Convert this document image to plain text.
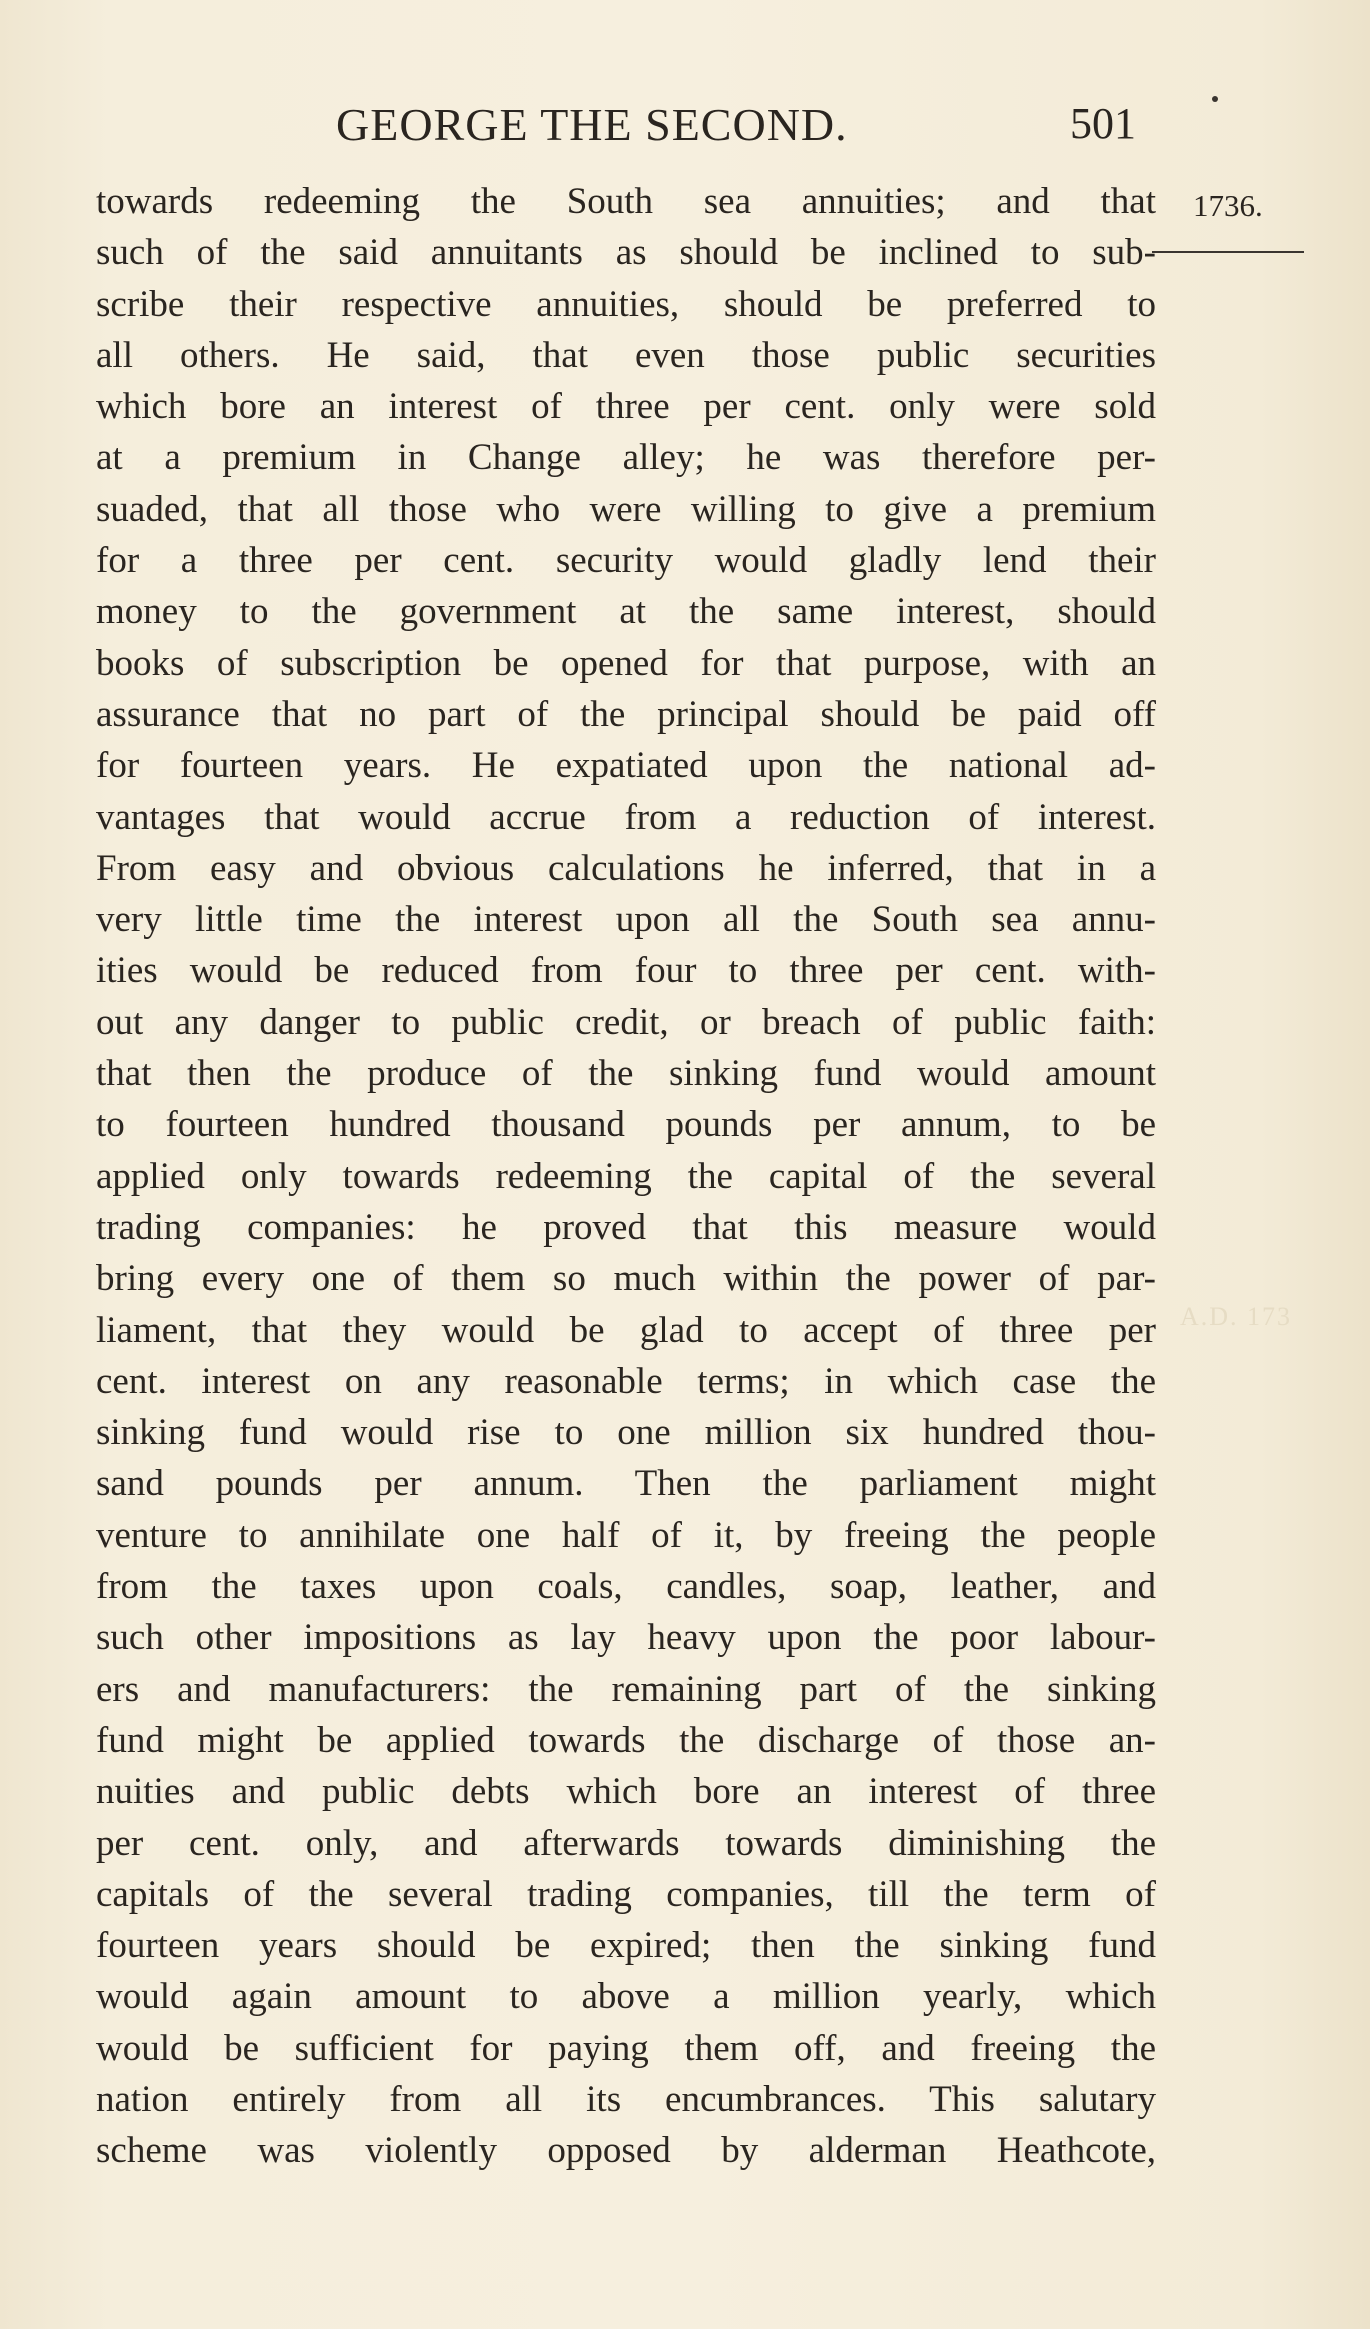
GEORGE THE SECOND.	501
1736.
A.D. 173
towards redeeming the South sea annuities; and that
such of the said annuitants as should be inclined to sub-
scribe their respective annuities, should be preferred to
all others. He said, that even those public securities
which bore an interest of three per cent. only were sold
at a premium in Change alley; he was therefore per-
suaded, that all those who were willing to give a premium
for a three per cent. security would gladly lend their
money to the government at the same interest, should
books of subscription be opened for that purpose, with an
assurance that no part of the principal should be paid off
for fourteen years. He expatiated upon the national ad-
vantages that would accrue from a reduction of interest.
From easy and obvious calculations he inferred, that in a
very little time the interest upon all the South sea annu-
ities would be reduced from four to three per cent. with-
out any danger to public credit, or breach of public faith:
that then the produce of the sinking fund would amount
to fourteen hundred thousand pounds per annum, to be
applied only towards redeeming the capital of the several
trading companies: he proved that this measure would
bring every one of them so much within the power of par-
liament, that they would be glad to accept of three per
cent. interest on any reasonable terms; in which case the
sinking fund would rise to one million six hundred thou-
sand pounds per annum. Then the parliament might
venture to annihilate one half of it, by freeing the people
from the taxes upon coals, candles, soap, leather, and
such other impositions as lay heavy upon the poor labour-
ers and manufacturers: the remaining part of the sinking
fund might be applied towards the discharge of those an-
nuities and public debts which bore an interest of three
per cent. only, and afterwards towards diminishing the
capitals of the several trading companies, till the term of
fourteen years should be expired; then the sinking fund
would again amount to above a million yearly, which
would be sufficient for paying them off, and freeing the
nation entirely from all its encumbrances. This salutary
scheme was violently opposed by alderman Heathcote,
